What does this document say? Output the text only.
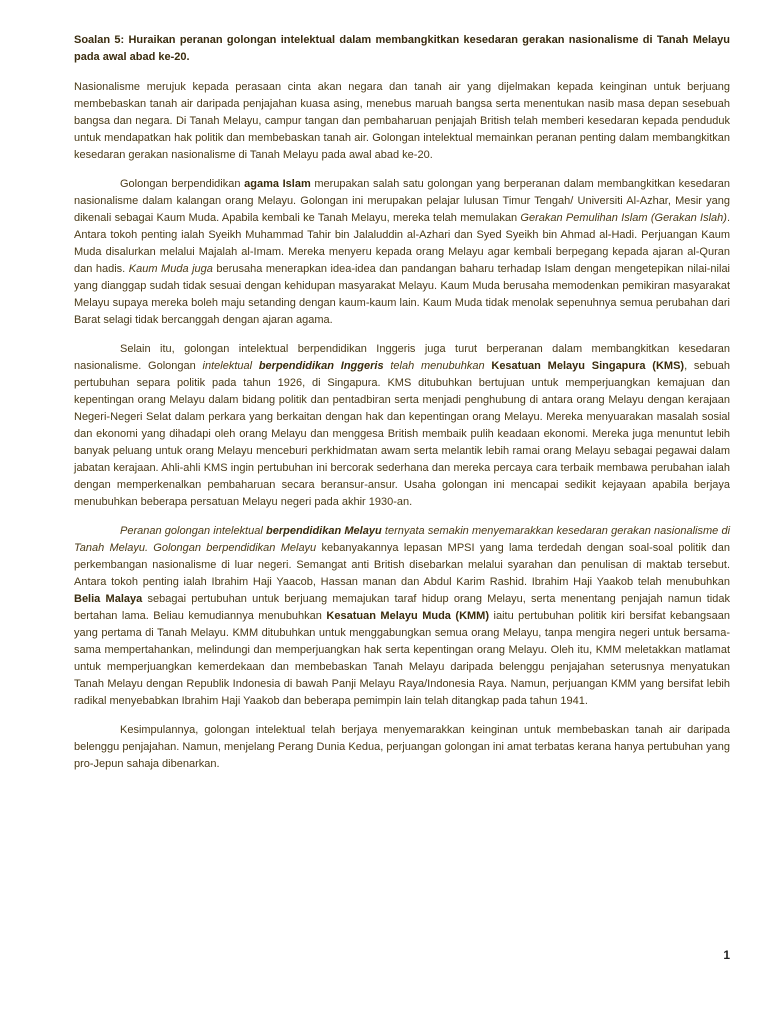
Soalan 5: Huraikan peranan golongan intelektual dalam membangkitkan kesedaran gerakan nasionalisme di Tanah Melayu pada awal abad ke-20.

Nasionalisme merujuk kepada perasaan cinta akan negara dan tanah air yang dijelmakan kepada keinginan untuk berjuang membebaskan tanah air daripada penjajahan kuasa asing, menebus maruah bangsa serta menentukan nasib masa depan sesebuah bangsa dan negara. Di Tanah Melayu, campur tangan dan pembaharuan penjajah British telah memberi kesedaran kepada penduduk untuk mendapatkan hak politik dan membebaskan tanah air. Golongan intelektual memainkan peranan penting dalam membangkitkan kesedaran gerakan nasionalisme di Tanah Melayu pada awal abad ke-20.

Golongan berpendidikan agama Islam merupakan salah satu golongan yang berperanan dalam membangkitkan kesedaran nasionalisme dalam kalangan orang Melayu. Golongan ini merupakan pelajar lulusan Timur Tengah/ Universiti Al-Azhar, Mesir yang dikenali sebagai Kaum Muda. Apabila kembali ke Tanah Melayu, mereka telah memulakan Gerakan Pemulihan Islam (Gerakan Islah). Antara tokoh penting ialah Syeikh Muhammad Tahir bin Jalaluddin al-Azhari dan Syed Syeikh bin Ahmad al-Hadi. Perjuangan Kaum Muda disalurkan melalui Majalah al-Imam. Mereka menyeru kepada orang Melayu agar kembali berpegang kepada ajaran al-Quran dan hadis. Kaum Muda juga berusaha menerapkan idea-idea dan pandangan baharu terhadap Islam dengan mengetepikan nilai-nilai yang dianggap sudah tidak sesuai dengan kehidupan masyarakat Melayu. Kaum Muda berusaha memodenkan pemikiran masyarakat Melayu supaya mereka boleh maju setanding dengan kaum-kaum lain. Kaum Muda tidak menolak sepenuhnya semua perubahan dari Barat selagi tidak bercanggah dengan ajaran agama.

Selain itu, golongan intelektual berpendidikan Inggeris juga turut berperanan dalam membangkitkan kesedaran nasionalisme. Golongan intelektual berpendidikan Inggeris telah menubuhkan Kesatuan Melayu Singapura (KMS), sebuah pertubuhan separa politik pada tahun 1926, di Singapura. KMS ditubuhkan bertujuan untuk memperjuangkan kemajuan dan kepentingan orang Melayu dalam bidang politik dan pentadbiran serta menjadi penghubung di antara orang Melayu dengan kerajaan Negeri-Negeri Selat dalam perkara yang berkaitan dengan hak dan kepentingan orang Melayu. Mereka menyuarakan masalah sosial dan ekonomi yang dihadapi oleh orang Melayu dan menggesa British membaik pulih keadaan ekonomi. Mereka juga menuntut lebih banyak peluang untuk orang Melayu menceburi perkhidmatan awam serta melantik lebih ramai orang Melayu sebagai pegawai dalam jabatan kerajaan. Ahli-ahli KMS ingin pertubuhan ini bercorak sederhana dan mereka percaya cara terbaik membawa perubahan ialah dengan memperkenalkan pembaharuan secara beransur-ansur. Usaha golongan ini mencapai sedikit kejayaan apabila berjaya menubuhkan beberapa persatuan Melayu negeri pada akhir 1930-an.

Peranan golongan intelektual berpendidikan Melayu ternyata semakin menyemarakkan kesedaran gerakan nasionalisme di Tanah Melayu. Golongan berpendidikan Melayu kebanyakannya lepasan MPSI yang lama terdedah dengan soal-soal politik dan perkembangan nasionalisme di luar negeri. Semangat anti British disebarkan melalui syarahan dan penulisan di maktab tersebut. Antara tokoh penting ialah Ibrahim Haji Yaacob, Hassan manan dan Abdul Karim Rashid. Ibrahim Haji Yaakob telah menubuhkan Belia Malaya sebagai pertubuhan untuk berjuang memajukan taraf hidup orang Melayu, serta menentang penjajah namun tidak bertahan lama. Beliau kemudiannya menubuhkan Kesatuan Melayu Muda (KMM) iaitu pertubuhan politik kiri bersifat kebangsaan yang pertama di Tanah Melayu. KMM ditubuhkan untuk menggabungkan semua orang Melayu, tanpa mengira negeri untuk bersama-sama mempertahankan, melindungi dan memperjuangkan hak serta kepentingan orang Melayu. Oleh itu, KMM meletakkan matlamat untuk memperjuangkan kemerdekaan dan membebaskan Tanah Melayu daripada belenggu penjajahan seterusnya menyatukan Tanah Melayu dengan Republik Indonesia di bawah Panji Melayu Raya/Indonesia Raya. Namun, perjuangan KMM yang bersifat lebih radikal menyebabkan Ibrahim Haji Yaakob dan beberapa pemimpin lain telah ditangkap pada tahun 1941.

Kesimpulannya, golongan intelektual telah berjaya menyemarakkan keinginan untuk membebaskan tanah air daripada belenggu penjajahan. Namun, menjelang Perang Dunia Kedua, perjuangan golongan ini amat terbatas kerana hanya pertubuhan yang pro-Jepun sahaja dibenarkan.

1
